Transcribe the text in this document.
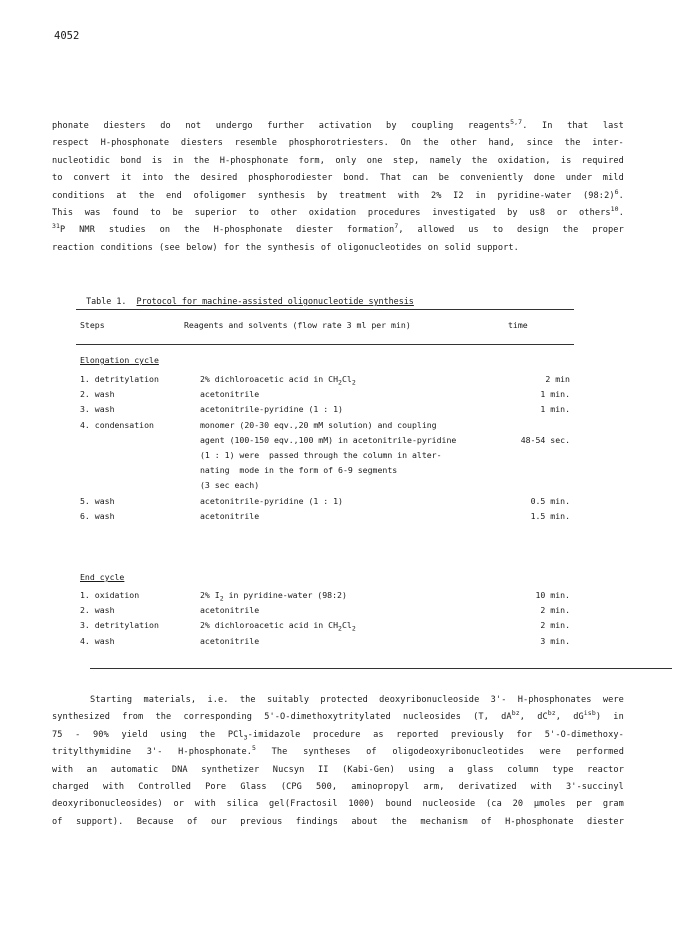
4052
phonate diesters do not undergo further activation by coupling reagents$^{5,7}$. In that last
respect H-phosphonate diesters resemble phosphorotriesters. On the other hand, since the inter-
nucleotidic bond is in the H-phosphonate form, only one step, namely the oxidation, is required
to convert it into the desired phosphorodiester bond. That can be conveniently done under mild
conditions at the end ofoligomer synthesis by treatment with 2% I2 in pyridine-water (98:2)$^6$.
This was found to be superior to other oxidation procedures investigated by us8 or others$^{10}$.
$^{31}$P NMR studies on the H-phosphonate diester formation$^7$, allowed us to design the proper
reaction conditions (see below) for the synthesis of oligonucleotides on solid support.

Table 1. Protocol for machine-assisted oligonucleotide synthesis

Steps	Reagents and solvents (flow rate 3 ml per min)	time
Elongation cycle
1. detritylation	2% dichloroacetic acid in $CH_2Cl_2$	2 min
2. wash	acetonitrile	1 min.
3. wash	acetonitrile-pyridine (1 : 1)	1 min.
4. condensation	monomer (20-30 eqv.,20 mM solution) and coupling
agent (100-150 eqv.,100 mM) in acetonitrile-pyridine	48-54 sec.
(1 : 1) were  passed through the column in alter-
nating  mode in the form of 6-9 segments
(3 sec each)
5. wash	acetonitrile-pyridine (1 : 1)	0.5 min.
6. wash	acetonitrile	1.5 min.
End cycle
1. oxidation	2% $I_2$ in pyridine-water (98:2)	10 min.
2. wash	acetonitrile	2 min.
3. detritylation	2% dichloroacetic acid in $CH_2Cl_2$	2 min.
4. wash	acetonitrile	3 min.
Starting materials, i.e. the suitably protected deoxyribonucleoside 3'- H-phosphonates were
synthesized from the corresponding 5'-O-dimethoxytritylated nucleosides (T, $dA^{bz}$, $dC^{bz}$, $dG^{isb}$) in
75 - 90% yield using the PCl$_3$-imidazole procedure as reported previously for 5'-O-dimethoxy-
tritylthymidine 3'- H-phosphonate.$^5$ The syntheses of oligodeoxyribonucleotides were performed
with an automatic DNA synthetizer Nucsyn II (Kabi-Gen) using a glass column type reactor
charged with Controlled Pore Glass (CPG 500, aminopropyl arm, derivatized with 3'-succinyl
deoxyribonucleosides) or with silica gel(Fractosil 1000) bound nucleoside (ca 20 µmoles per gram
of support). Because of our previous findings about the mechanism of H-phosphonate diester
